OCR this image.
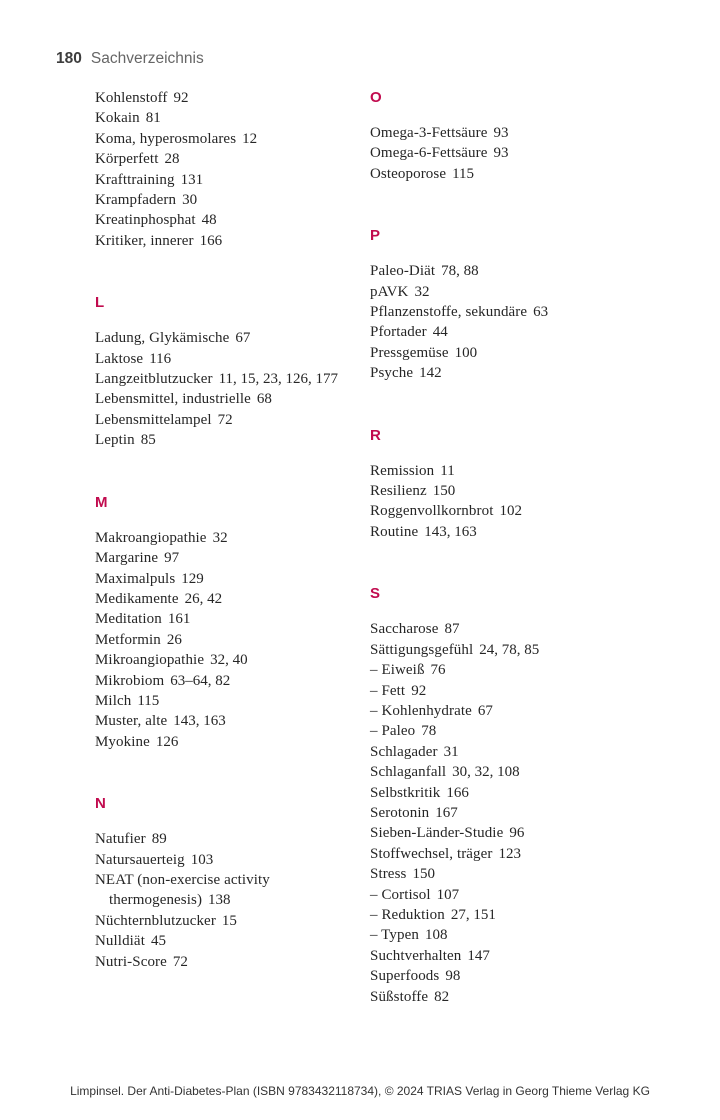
180 Sachverzeichnis
Kohlenstoff 92
Kokain 81
Koma, hyperosmolares 12
Körperfett 28
Krafttraining 131
Krampfadern 30
Kreatinphosphat 48
Kritiker, innerer 166
L
Ladung, Glykämische 67
Laktose 116
Langzeitblutzucker 11, 15, 23, 126, 177
Lebensmittel, industrielle 68
Lebensmittelampel 72
Leptin 85
M
Makroangiopathie 32
Margarine 97
Maximalpuls 129
Medikamente 26, 42
Meditation 161
Metformin 26
Mikroangiopathie 32, 40
Mikrobiom 63–64, 82
Milch 115
Muster, alte 143, 163
Myokine 126
N
Natufier 89
Natursauerteig 103
NEAT (non-exercise activity
thermogenesis) 138
Nüchternblutzucker 15
Nulldiät 45
Nutri-Score 72
O
Omega-3-Fettsäure 93
Omega-6-Fettsäure 93
Osteoporose 115
P
Paleo-Diät 78, 88
pAVK 32
Pflanzenstoffe, sekundäre 63
Pfortader 44
Pressgemüse 100
Psyche 142
R
Remission 11
Resilienz 150
Roggenvollkornbrot 102
Routine 143, 163
S
Saccharose 87
Sättigungsgefühl 24, 78, 85
– Eiweiß 76
– Fett 92
– Kohlenhydrate 67
– Paleo 78
Schlagader 31
Schlaganfall 30, 32, 108
Selbstkritik 166
Serotonin 167
Sieben-Länder-Studie 96
Stoffwechsel, träger 123
Stress 150
– Cortisol 107
– Reduktion 27, 151
– Typen 108
Suchtverhalten 147
Superfoods 98
Süßstoffe 82
Limpinsel. Der Anti-Diabetes-Plan (ISBN 9783432118734), © 2024 TRIAS Verlag in Georg Thieme Verlag KG
